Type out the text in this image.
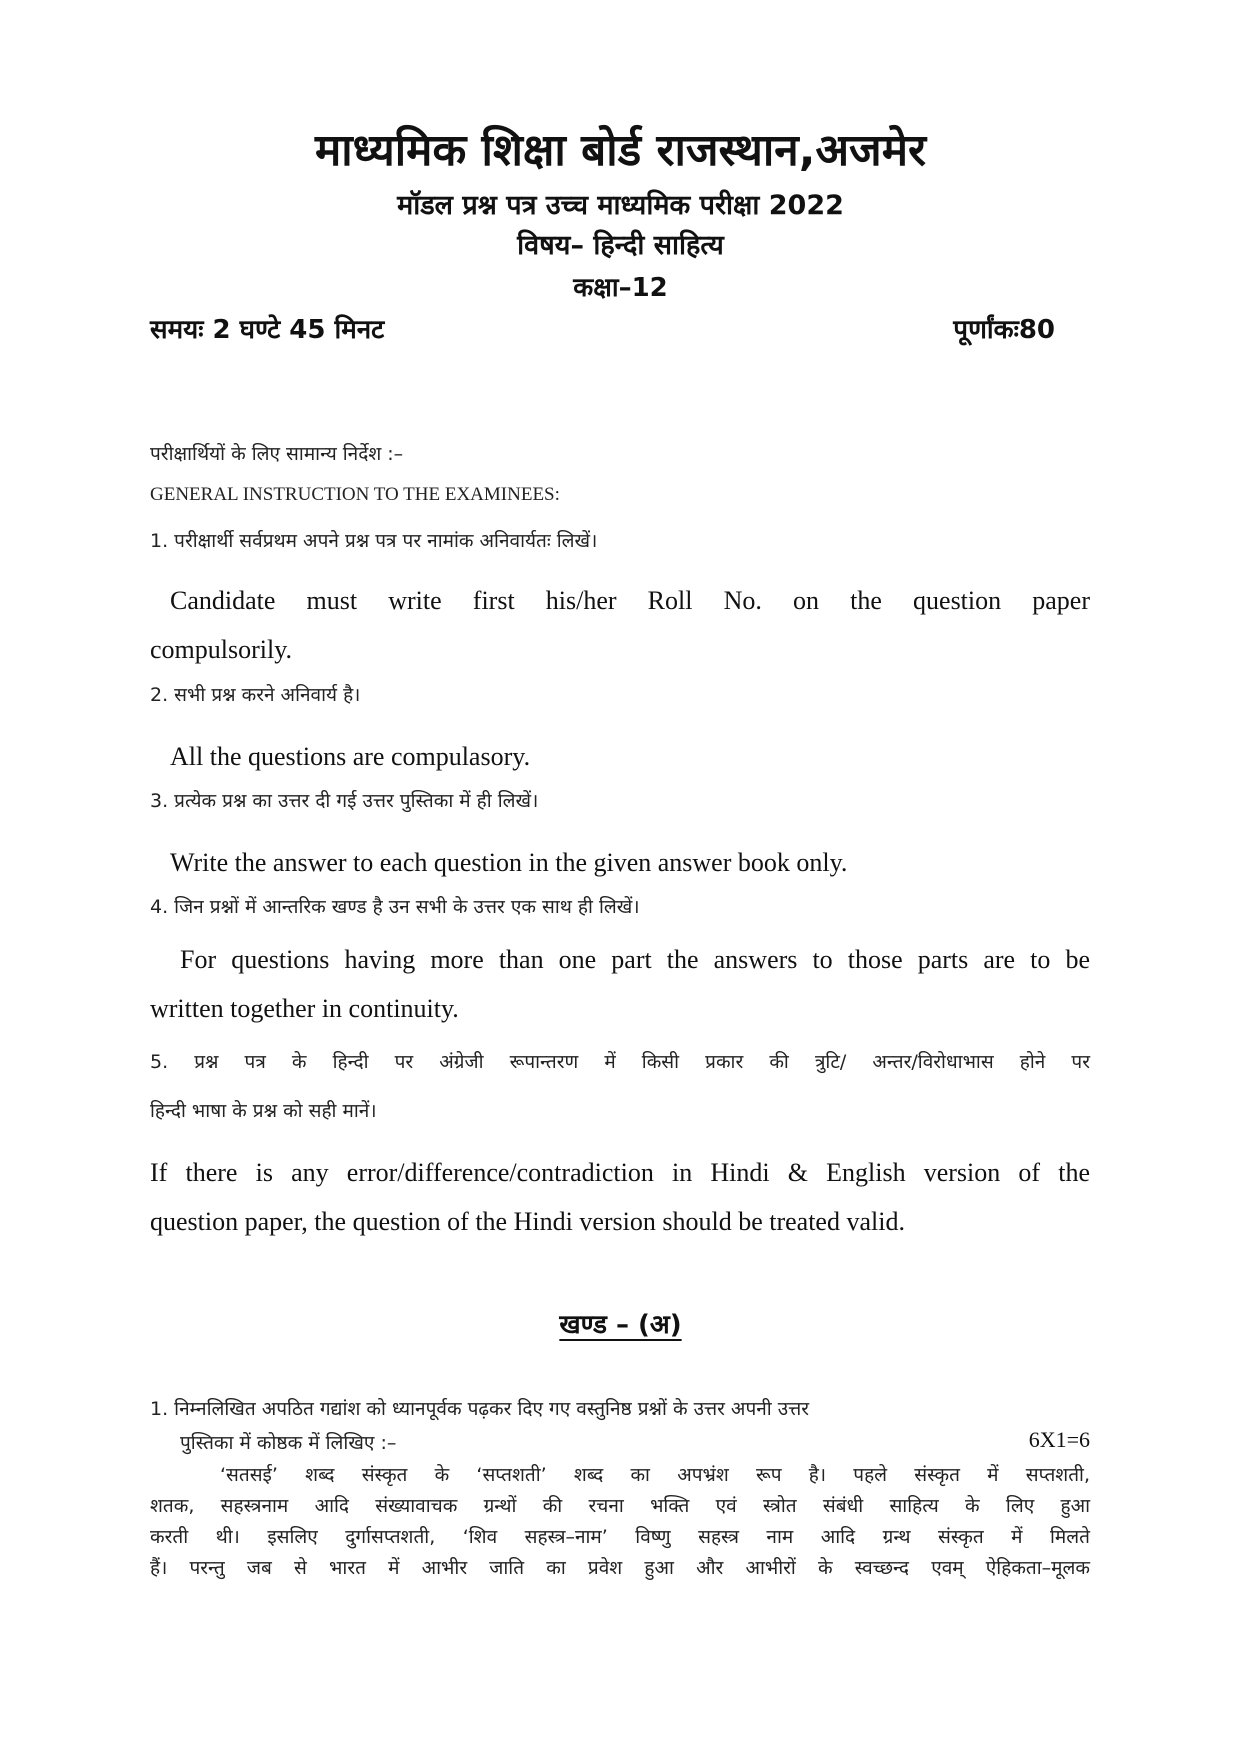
माध्यमिक शिक्षा बोर्ड राजस्थान,अजमेर
मॉडल प्रश्न पत्र उच्च माध्यमिक परीक्षा 2022
विषय– हिन्दी साहित्य
कक्षा–12
समयः 2 घण्टे 45 मिनट	पूर्णांकः80
परीक्षार्थियों के लिए सामान्य निर्देश :–
GENERAL INSTRUCTION TO THE EXAMINEES:
1. परीक्षार्थी सर्वप्रथम अपने प्रश्न पत्र पर नामांक अनिवार्यतः लिखें।
Candidate must write first his/her Roll No. on the question paper
compulsorily.
2. सभी प्रश्न करने अनिवार्य है।
All the questions are compulasory.
3. प्रत्येक प्रश्न का उत्तर दी गई उत्तर पुस्तिका में ही लिखें।
Write the answer to each question in the given answer book only.
4. जिन प्रश्नों में आन्तरिक खण्ड है उन सभी के उत्तर एक साथ ही लिखें।
For questions having more than one part the answers to those parts are to be
written together in continuity.
5. प्रश्न पत्र के हिन्दी पर अंग्रेजी रूपान्तरण में किसी प्रकार की त्रुटि/ अन्तर/विरोधाभास होने पर
हिन्दी भाषा के प्रश्न को सही मानें।
If there is any error/difference/contradiction in Hindi & English version of the
question paper, the question of the Hindi version should be treated valid.
खण्ड – (अ)
1. निम्नलिखित अपठित गद्यांश को ध्यानपूर्वक पढ़कर दिए गए वस्तुनिष्ठ प्रश्नों के उत्तर अपनी उत्तर
पुस्तिका में कोष्ठक में लिखिए :–	6X1=6
‘सतसई’ शब्द संस्कृत के ‘सप्तशती’ शब्द का अपभ्रंश रूप है। पहले संस्कृत में सप्तशती,
शतक, सहस्त्रनाम आदि संख्यावाचक ग्रन्थों की रचना भक्ति एवं स्त्रोत संबंधी साहित्य के लिए हुआ
करती थी। इसलिए दुर्गासप्तशती, ‘शिव सहस्त्र–नाम’ विष्णु सहस्त्र नाम आदि ग्रन्थ संस्कृत में मिलते
हैं। परन्तु जब से भारत में आभीर जाति का प्रवेश हुआ और आभीरों के स्वच्छन्द एवम् ऐहिकता–मूलक
